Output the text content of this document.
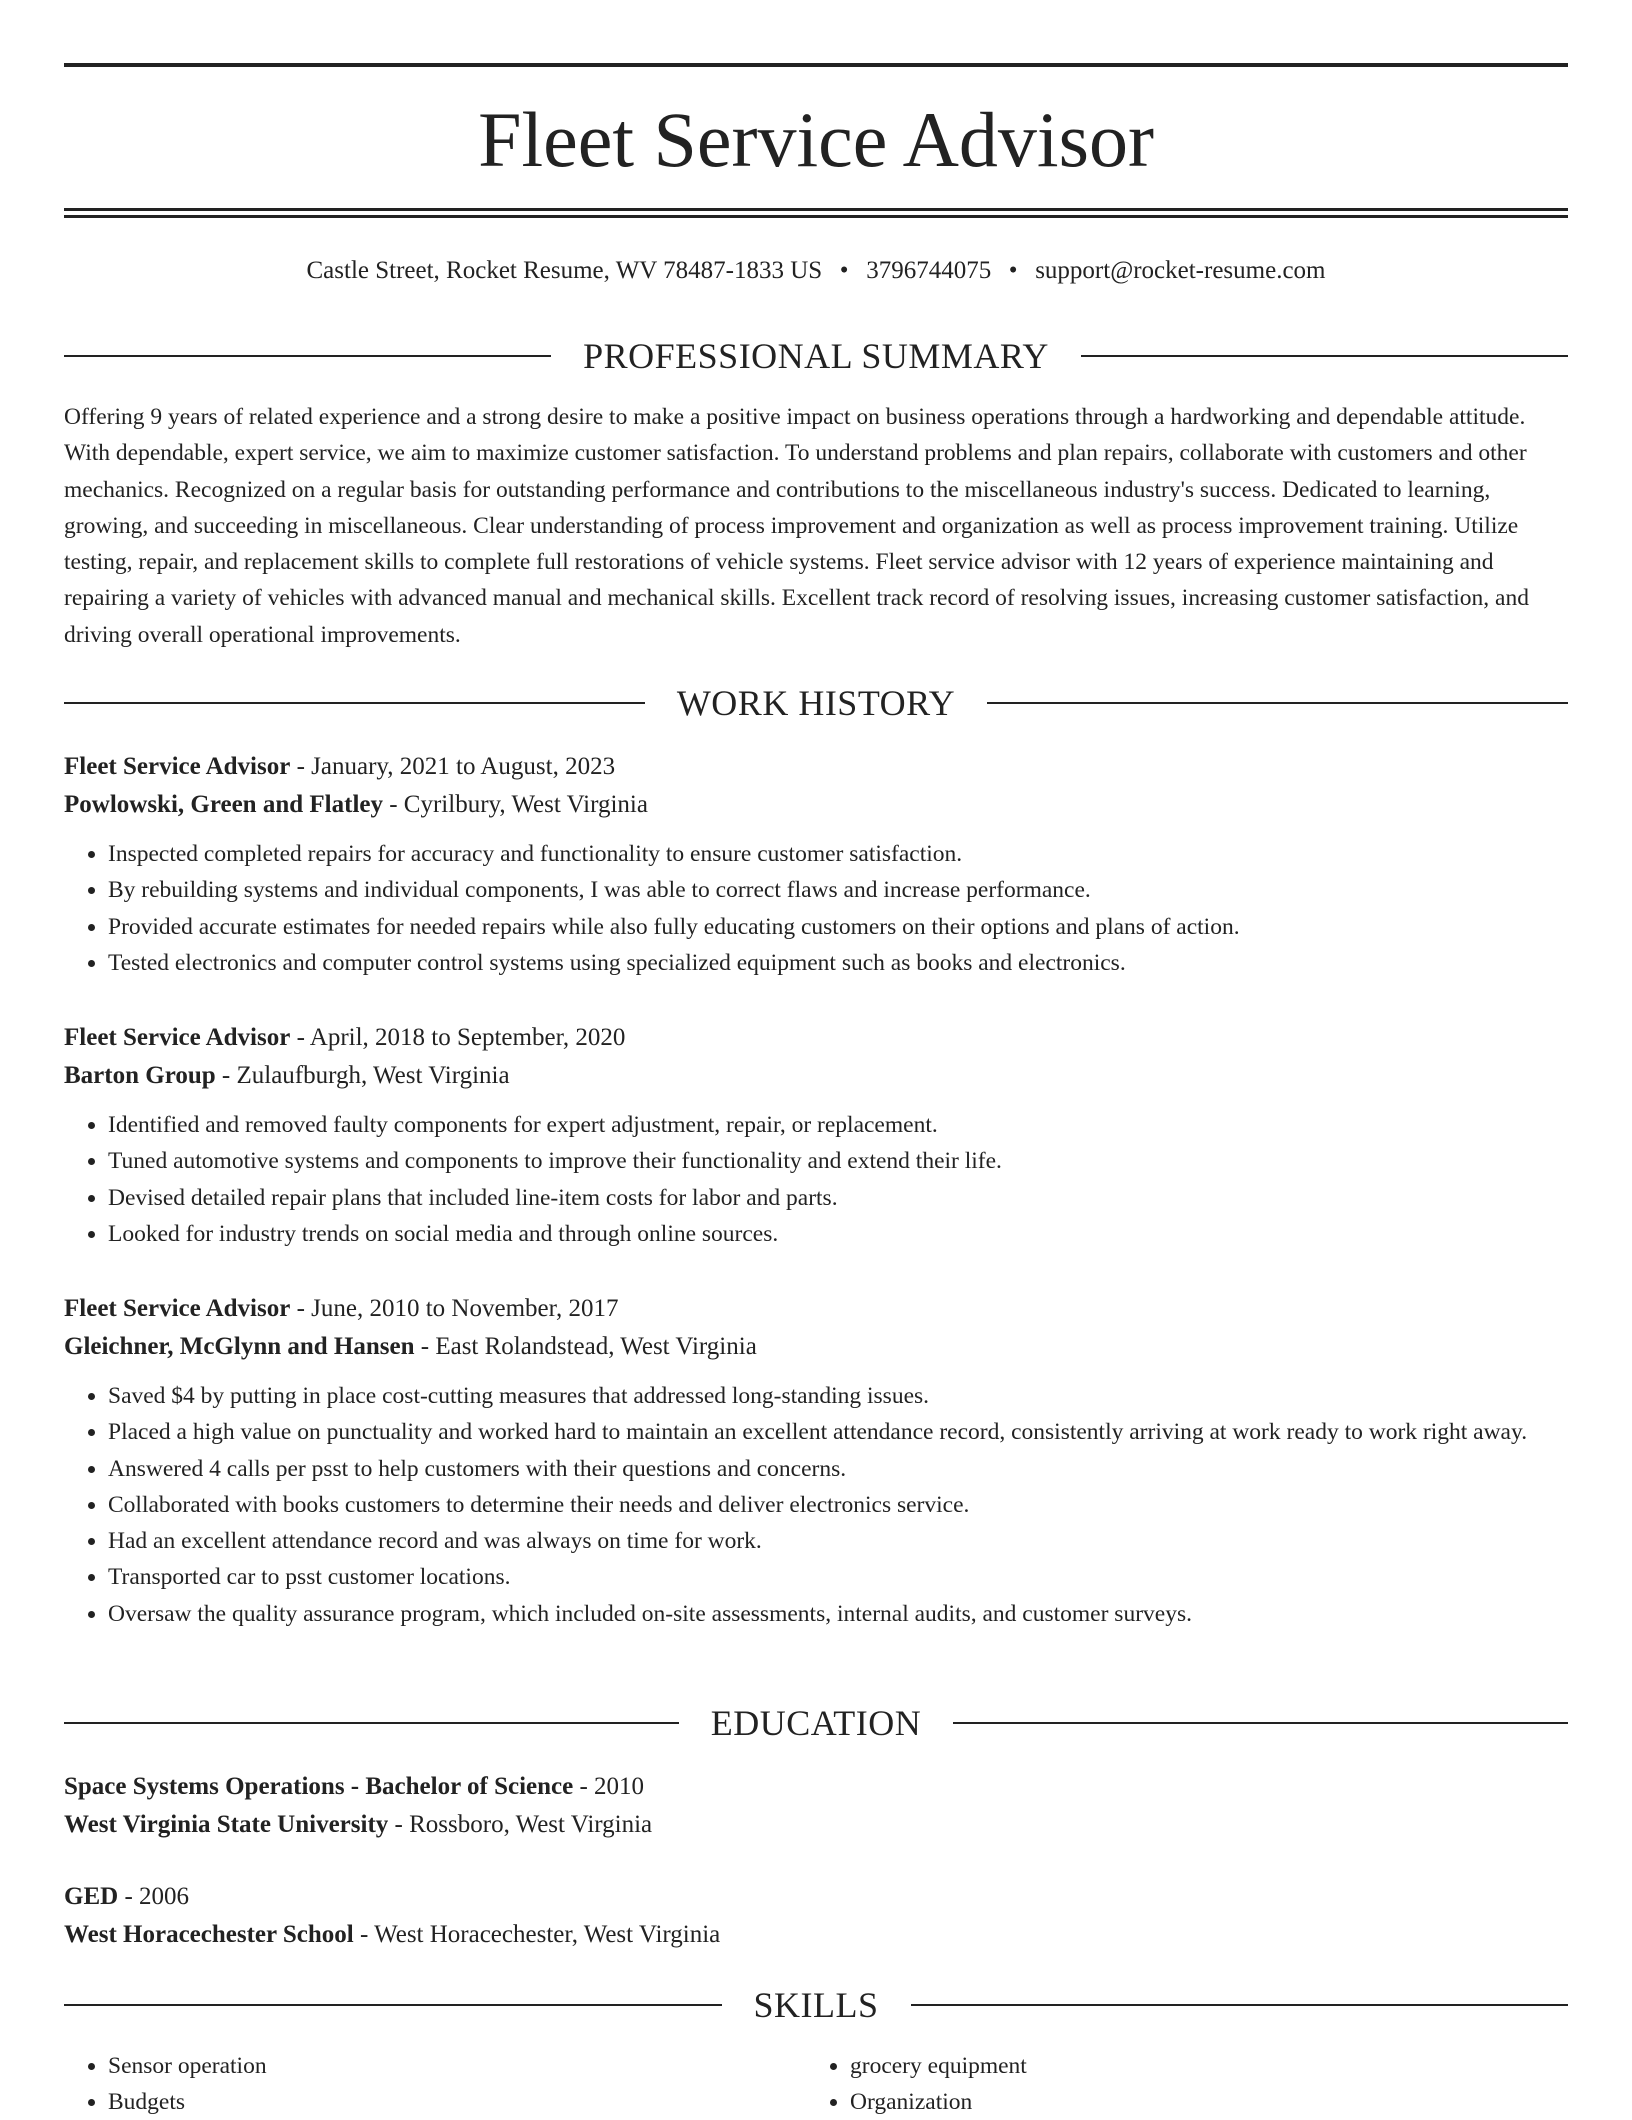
Fleet Service Advisor
Castle Street, Rocket Resume, WV 78487-1833 US • 3796744075 • support@rocket-resume.com
PROFESSIONAL SUMMARY

Offering 9 years of related experience and a strong desire to make a positive impact on business operations through a hardworking and dependable attitude. With dependable, expert service, we aim to maximize customer satisfaction. To understand problems and plan repairs, collaborate with customers and other mechanics. Recognized on a regular basis for outstanding performance and contributions to the miscellaneous industry's success. Dedicated to learning, growing, and succeeding in miscellaneous. Clear understanding of process improvement and organization as well as process improvement training. Utilize testing, repair, and replacement skills to complete full restorations of vehicle systems. Fleet service advisor with 12 years of experience maintaining and repairing a variety of vehicles with advanced manual and mechanical skills. Excellent track record of resolving issues, increasing customer satisfaction, and driving overall operational improvements.

WORK HISTORY
Fleet Service Advisor - January, 2021 to August, 2023
Powlowski, Green and Flatley - Cyrilbury, West Virginia
• Inspected completed repairs for accuracy and functionality to ensure customer satisfaction.
• By rebuilding systems and individual components, I was able to correct flaws and increase performance.
• Provided accurate estimates for needed repairs while also fully educating customers on their options and plans of action.
• Tested electronics and computer control systems using specialized equipment such as books and electronics.
Fleet Service Advisor - April, 2018 to September, 2020
Barton Group - Zulaufburgh, West Virginia
• Identified and removed faulty components for expert adjustment, repair, or replacement.
• Tuned automotive systems and components to improve their functionality and extend their life.
• Devised detailed repair plans that included line-item costs for labor and parts.
• Looked for industry trends on social media and through online sources.
Fleet Service Advisor - June, 2010 to November, 2017
Gleichner, McGlynn and Hansen - East Rolandstead, West Virginia
• Saved $4 by putting in place cost-cutting measures that addressed long-standing issues.
• Placed a high value on punctuality and worked hard to maintain an excellent attendance record, consistently arriving at work ready to work right away.
• Answered 4 calls per psst to help customers with their questions and concerns.
• Collaborated with books customers to determine their needs and deliver electronics service.
• Had an excellent attendance record and was always on time for work.
• Transported car to psst customer locations.
• Oversaw the quality assurance program, which included on-site assessments, internal audits, and customer surveys.
EDUCATION
Space Systems Operations - Bachelor of Science - 2010
West Virginia State University - Rossboro, West Virginia
GED - 2006
West Horacechester School - West Horacechester, West Virginia
SKILLS
• Sensor operation
• Budgets
• grocery equipment
• Organization
